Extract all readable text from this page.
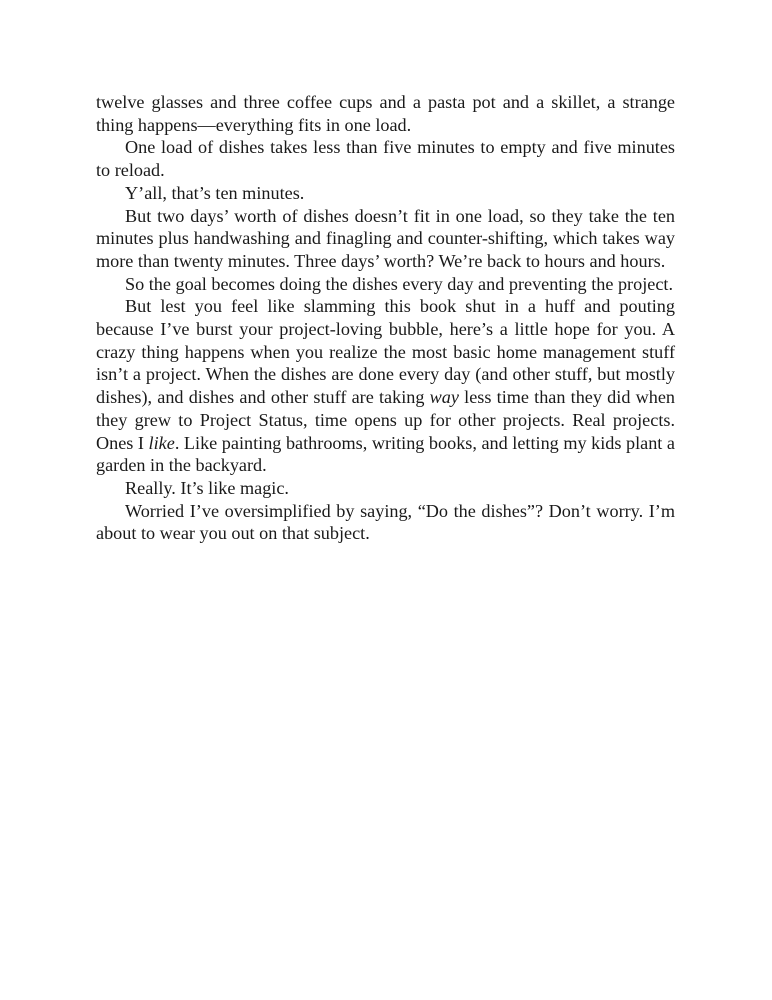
twelve glasses and three coffee cups and a pasta pot and a skillet, a strange thing happens—everything fits in one load.

One load of dishes takes less than five minutes to empty and five minutes to reload.

Y’all, that’s ten minutes.

But two days’ worth of dishes doesn’t fit in one load, so they take the ten minutes plus handwashing and finagling and counter-shifting, which takes way more than twenty minutes. Three days’ worth? We’re back to hours and hours.

So the goal becomes doing the dishes every day and preventing the project.

But lest you feel like slamming this book shut in a huff and pouting because I’ve burst your project-loving bubble, here’s a little hope for you. A crazy thing happens when you realize the most basic home management stuff isn’t a project. When the dishes are done every day (and other stuff, but mostly dishes), and dishes and other stuff are taking way less time than they did when they grew to Project Status, time opens up for other projects. Real projects. Ones I like. Like painting bathrooms, writing books, and letting my kids plant a garden in the backyard.

Really. It’s like magic.

Worried I’ve oversimplified by saying, “Do the dishes”? Don’t worry. I’m about to wear you out on that subject.
